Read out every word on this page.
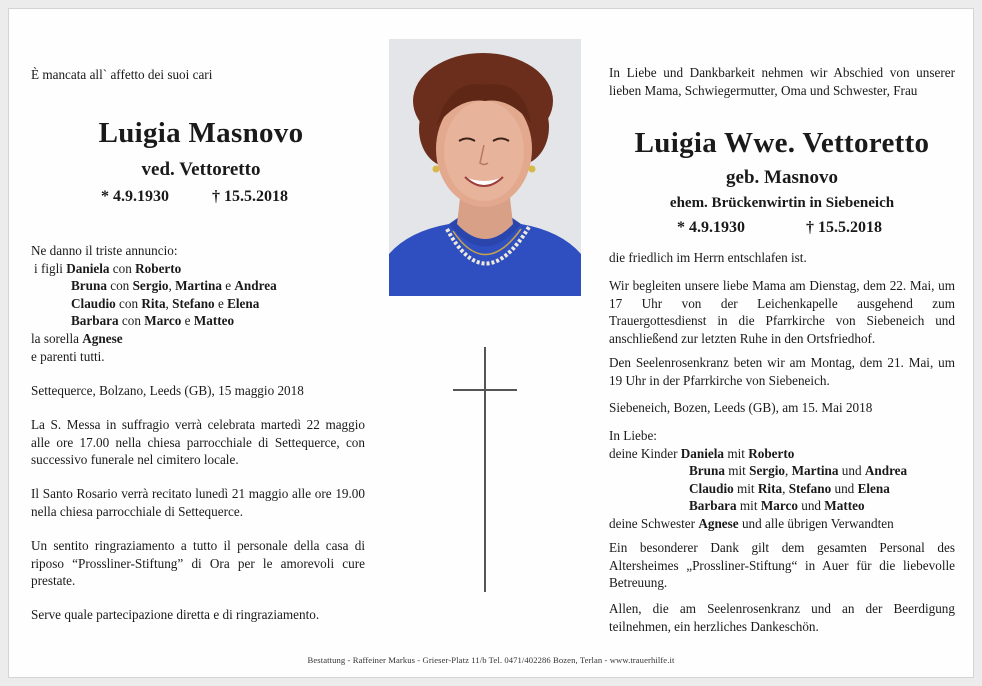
È mancata all` affetto dei suoi cari
Luigia Masnovo
ved. Vettoretto
* 4.9.1930	† 15.5.2018
Ne danno il triste annuncio:
i figli Daniela con Roberto
Bruna con Sergio, Martina e Andrea
Claudio con Rita, Stefano e Elena
Barbara con Marco e Matteo
la sorella Agnese
e parenti tutti.
Settequerce, Bolzano, Leeds (GB), 15 maggio 2018
La S. Messa in suffragio verrà celebrata martedì 22 maggio alle ore 17.00 nella chiesa parrocchiale di Settequerce, con successivo funerale nel cimitero locale.
Il Santo Rosario verrà recitato lunedì 21 maggio alle ore 19.00 nella chiesa parrocchiale di Settequerce.
Un sentito ringraziamento a tutto il personale della casa di riposo “Prossliner-Stiftung” di Ora per le amorevoli cure prestate.
Serve quale partecipazione diretta e di ringraziamento.
In Liebe und Dankbarkeit nehmen wir Abschied von unserer lieben Mama, Schwiegermutter, Oma und Schwester, Frau
Luigia Wwe. Vettoretto
geb. Masnovo
ehem. Brückenwirtin in Siebeneich
* 4.9.1930	† 15.5.2018
die friedlich im Herrn entschlafen ist.
Wir begleiten unsere liebe Mama am Dienstag, dem 22. Mai, um 17 Uhr von der Leichenkapelle ausgehend zum Trauergottesdienst in die Pfarrkirche von Siebeneich und anschließend zur letzten Ruhe in den Ortsfriedhof.
Den Seelenrosenkranz beten wir am Montag, dem 21. Mai, um 19 Uhr in der Pfarrkirche von Siebeneich.
Siebeneich, Bozen, Leeds (GB), am 15. Mai 2018
In Liebe:
deine Kinder Daniela mit Roberto
Bruna mit Sergio, Martina und Andrea
Claudio mit Rita, Stefano und Elena
Barbara mit Marco und Matteo
deine Schwester Agnese und alle übrigen Verwandten
Ein besonderer Dank gilt dem gesamten Personal des Altersheimes „Prossliner-Stiftung“ in Auer für die liebevolle Betreuung.
Allen, die am Seelenrosenkranz und an der Beerdigung teilnehmen, ein herzliches Dankeschön.
Bestattung - Raffeiner Markus - Grieser-Platz 11/b Tel. 0471/402286 Bozen, Terlan - www.trauerhilfe.it
